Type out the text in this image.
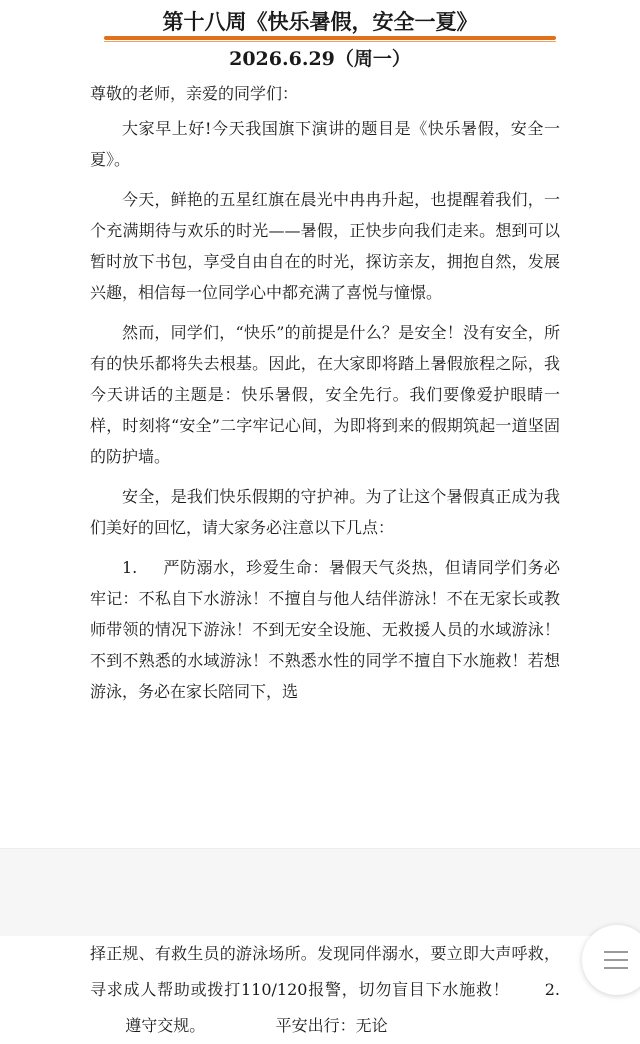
第十八周《快乐暑假，安全一夏》
2026.6.29（周一）

尊敬的老师，亲爱的同学们：

大家早上好!今天我国旗下演讲的题目是《快乐暑假，安全一夏》。

今天，鲜艳的五星红旗在晨光中冉冉升起，也提醒着我们，一个充满期待与欢乐的时光——暑假，正快步向我们走来。想到可以暂时放下书包，享受自由自在的时光，探访亲友，拥抱自然，发展兴趣，相信每一位同学心中都充满了喜悦与憧憬。

然而，同学们，“快乐”的前提是什么？是安全！没有安全，所有的快乐都将失去根基。因此，在大家即将踏上暑假旅程之际，我今天讲话的主题是：快乐暑假，安全先行。我们要像爱护眼睛一样，时刻将“安全”二字牢记心间，为即将到来的假期筑起一道坚固的防护墙。

安全，是我们快乐假期的守护神。为了让这个暑假真正成为我们美好的回忆，请大家务必注意以下几点：

1. 严防溺水，珍爱生命：暑假天气炎热，但请同学们务必牢记：不私自下水游泳！不擅自与他人结伴游泳！不在无家长或教师带领的情况下游泳！不到无安全设施、无救援人员的水域游泳！不到不熟悉的水域游泳！不熟悉水性的同学不擅自下水施救！若想游泳，务必在家长陪同下，选

择正规、有救生员的游泳场所。发现同伴溺水，要立即大声呼救，寻求成人帮助或拨打110/120报警，切勿盲目下水施救！ 2.遵守交规。	平安出行：无论
